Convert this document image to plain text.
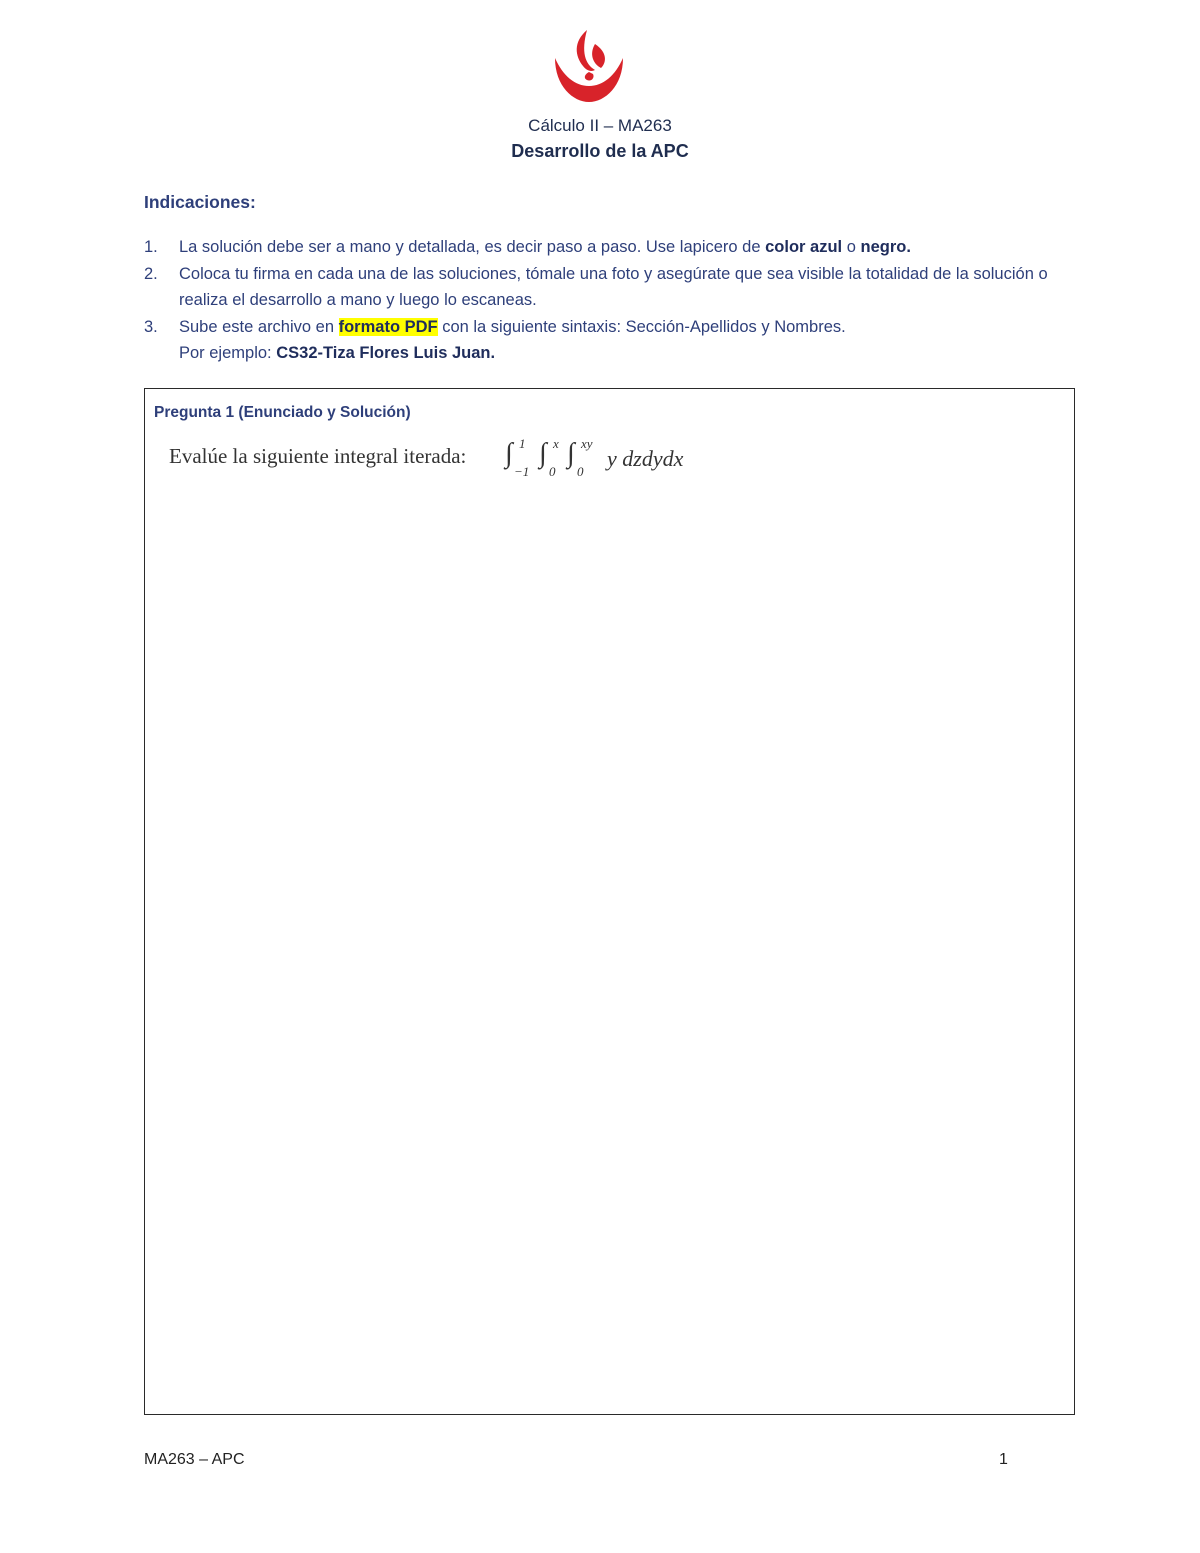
Cálculo II – MA263
Desarrollo de la APC
Indicaciones:
1. La solución debe ser a mano y detallada, es decir paso a paso. Use lapicero de color azul o negro.
2. Coloca tu firma en cada una de las soluciones, tómale una foto y asegúrate que sea visible la totalidad de la solución o realiza el desarrollo a mano y luego lo escaneas.
3. Sube este archivo en formato PDF con la siguiente sintaxis: Sección-Apellidos y Nombres.
Por ejemplo: CS32-Tiza Flores Luis Juan.
Pregunta 1 (Enunciado y Solución)
Evalúe la siguiente integral iterada: ∫ 1
−1
∫ x
0
∫ xy
0
y dzdydx
MA263 – APC	1
